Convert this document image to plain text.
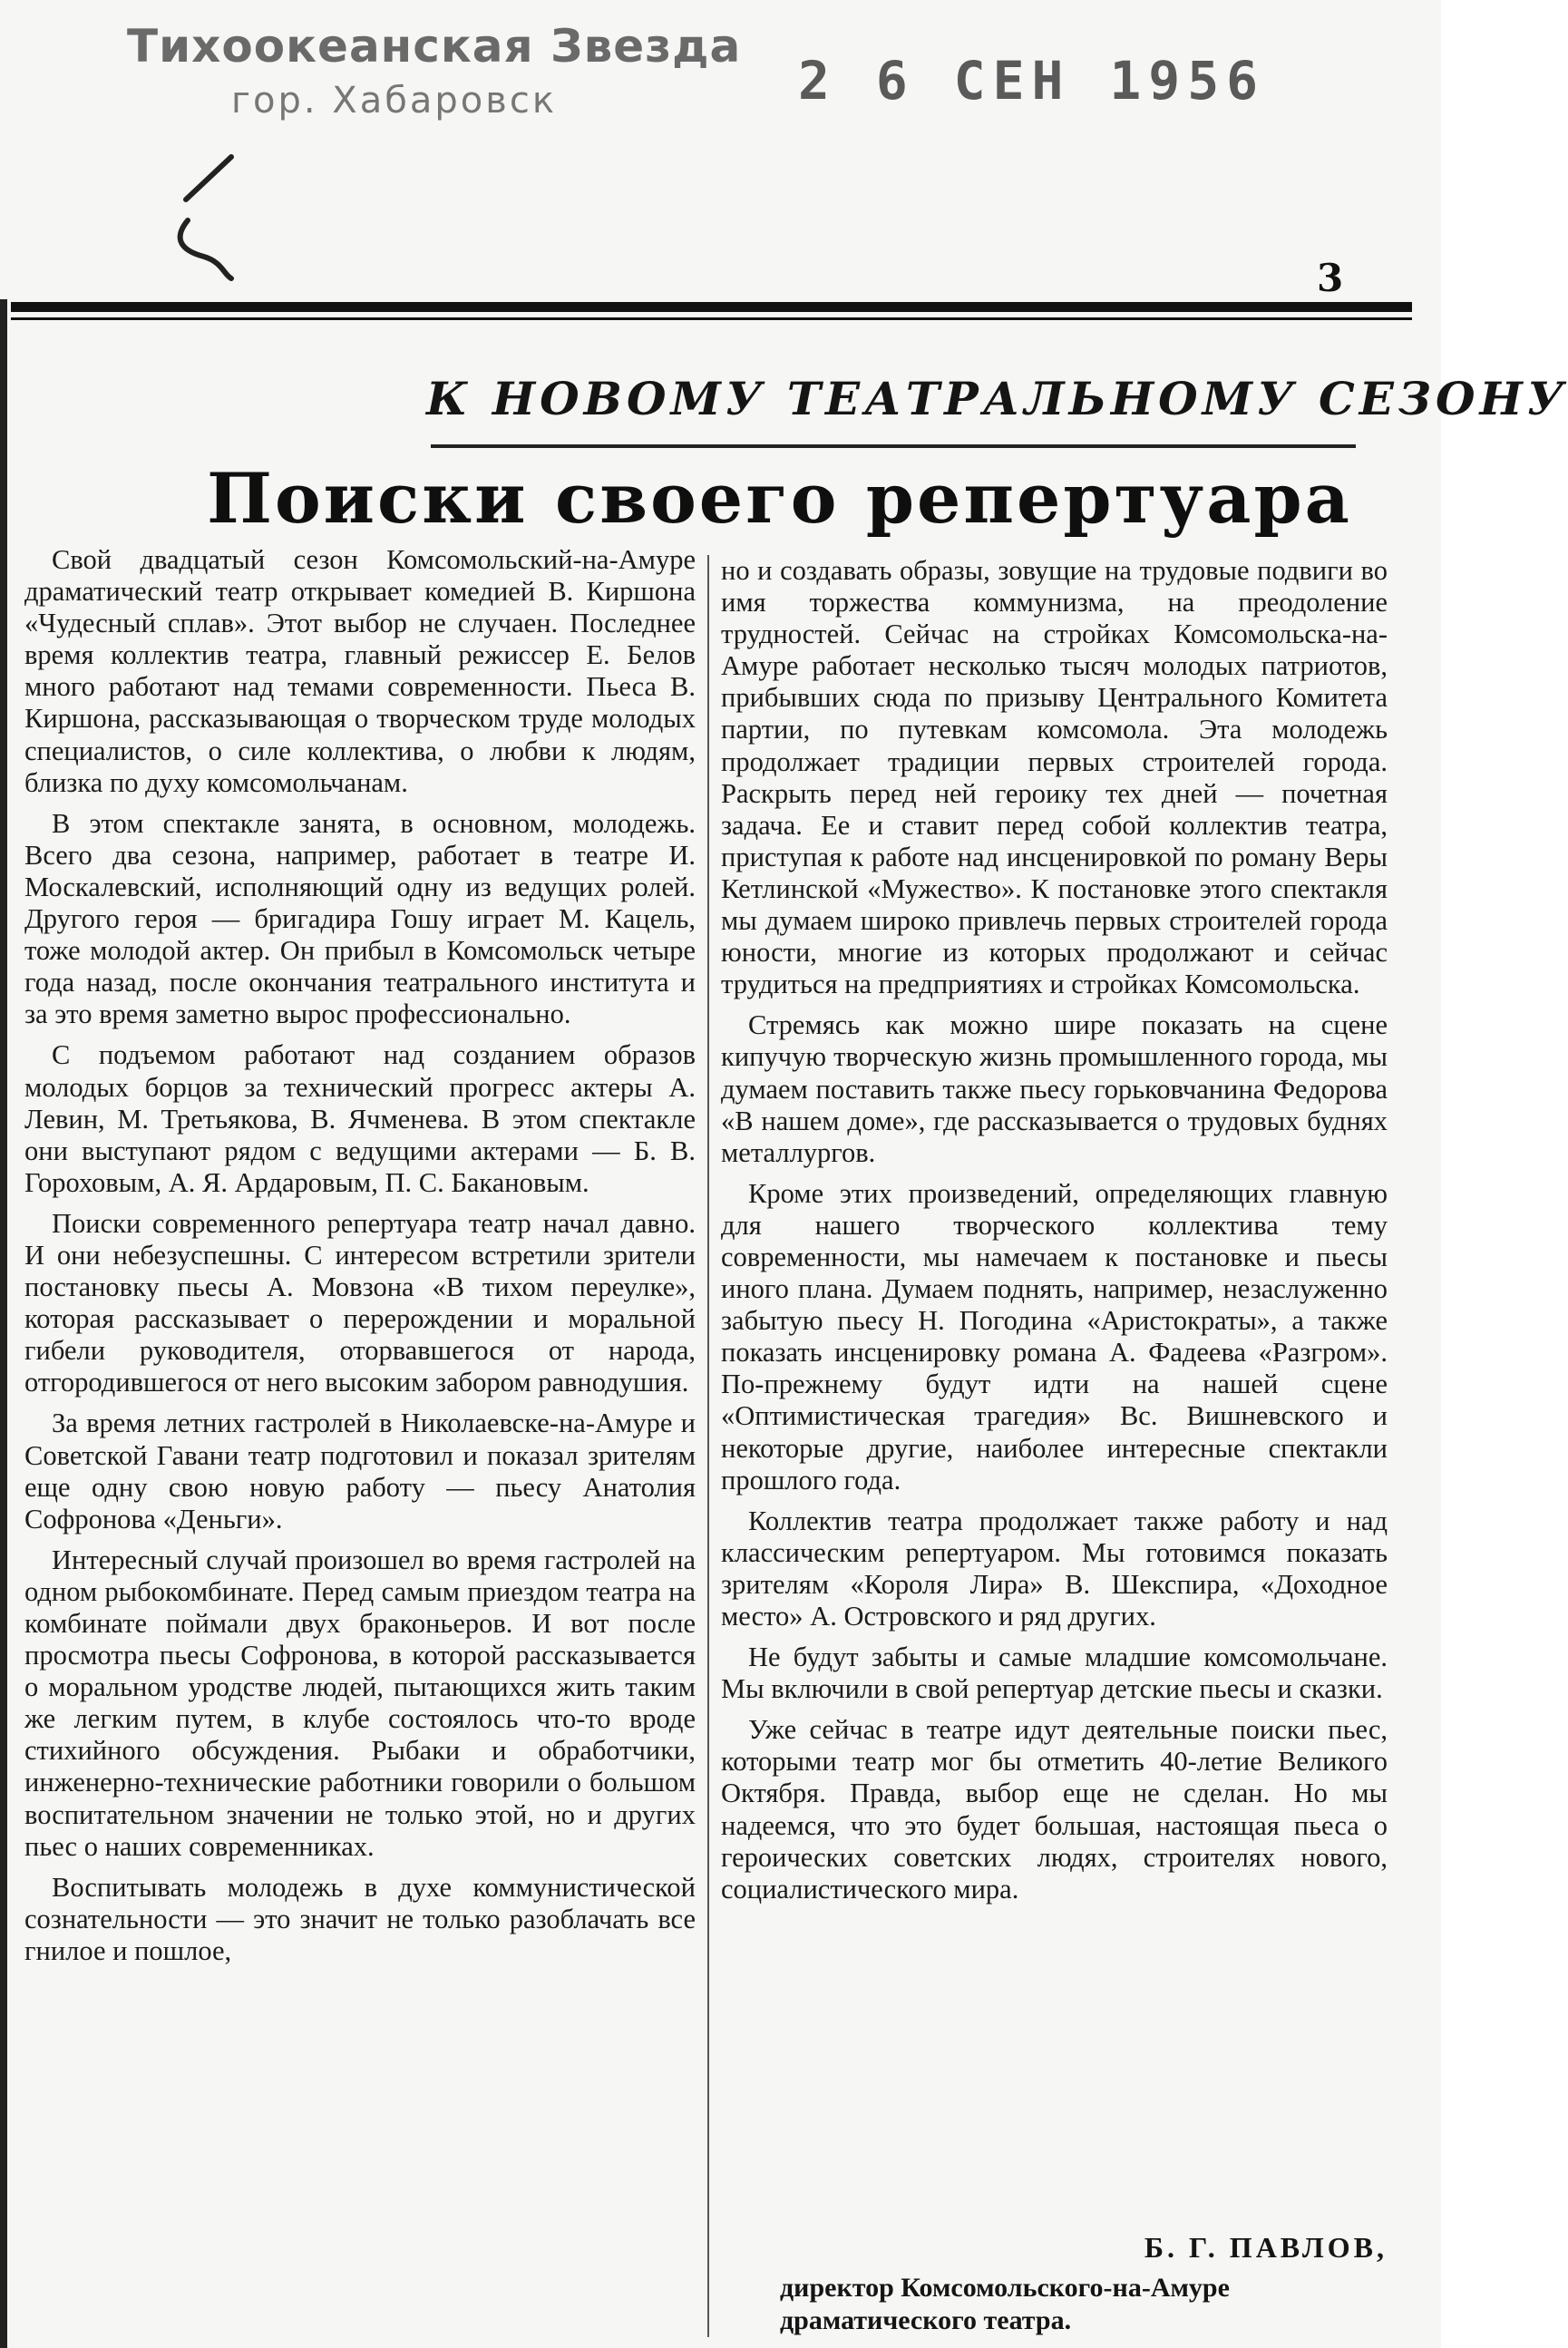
Тихоокеанская Звезда
гор. Хабаровск	2 6 СЕН 1956
3
К НОВОМУ ТЕАТРАЛЬНОМУ СЕЗОНУ
Поиски своего репертуара

Свой двадцатый сезон Комсомольский-на-Амуре драматический театр открывает комедией В. Киршона «Чудесный сплав». Этот выбор не случаен. Последнее время коллектив театра, главный режиссер Е. Белов много работают над темами современности. Пьеса В. Киршона, рассказывающая о творческом труде молодых специалистов, о силе коллектива, о любви к людям, близка по духу комсомольчанам.

В этом спектакле занята, в основном, молодежь. Всего два сезона, например, работает в театре И. Москалевский, исполняющий одну из ведущих ролей. Другого героя — бригадира Гошу играет М. Кацель, тоже молодой актер. Он прибыл в Комсомольск четыре года назад, после окончания театрального института и за это время заметно вырос профессионально.

С подъемом работают над созданием образов молодых борцов за технический прогресс актеры А. Левин, М. Третьякова, В. Ячменева. В этом спектакле они выступают рядом с ведущими актерами — Б. В. Гороховым, А. Я. Ардаровым, П. С. Бакановым.

Поиски современного репертуара театр начал давно. И они небезуспешны. С интересом встретили зрители постановку пьесы А. Мовзона «В тихом переулке», которая рассказывает о перерождении и моральной гибели руководителя, оторвавшегося от народа, отгородившегося от него высоким забором равнодушия.

За время летних гастролей в Николаевске-на-Амуре и Советской Гавани театр подготовил и показал зрителям еще одну свою новую работу — пьесу Анатолия Софронова «Деньги».

Интересный случай произошел во время гастролей на одном рыбокомбинате. Перед самым приездом театра на комбинате поймали двух браконьеров. И вот после просмотра пьесы Софронова, в которой рассказывается о моральном уродстве людей, пытающихся жить таким же легким путем, в клубе состоялось что-то вроде стихийного обсуждения. Рыбаки и обработчики, инженерно-технические работники говорили о большом воспитательном значении не только этой, но и других пьес о наших современниках.

Воспитывать молодежь в духе коммунистической сознательности — это значит не только разоблачать все гнилое и пошлое,

но и создавать образы, зовущие на трудовые подвиги во имя торжества коммунизма, на преодоление трудностей. Сейчас на стройках Комсомольска-на-Амуре работает несколько тысяч молодых патриотов, прибывших сюда по призыву Центрального Комитета партии, по путевкам комсомола. Эта молодежь продолжает традиции первых строителей города. Раскрыть перед ней героику тех дней — почетная задача. Ее и ставит перед собой коллектив театра, приступая к работе над инсценировкой по роману Веры Кетлинской «Мужество». К постановке этого спектакля мы думаем широко привлечь первых строителей города юности, многие из которых продолжают и сейчас трудиться на предприятиях и стройках Комсомольска.

Стремясь как можно шире показать на сцене кипучую творческую жизнь промышленного города, мы думаем поставить также пьесу горьковчанина Федорова «В нашем доме», где рассказывается о трудовых буднях металлургов.

Кроме этих произведений, определяющих главную для нашего творческого коллектива тему современности, мы намечаем к постановке и пьесы иного плана. Думаем поднять, например, незаслуженно забытую пьесу Н. Погодина «Аристократы», а также показать инсценировку романа А. Фадеева «Разгром». По-прежнему будут идти на нашей сцене «Оптимистическая трагедия» Вс. Вишневского и некоторые другие, наиболее интересные спектакли прошлого года.

Коллектив театра продолжает также работу и над классическим репертуаром. Мы готовимся показать зрителям «Короля Лира» В. Шекспира, «Доходное место» А. Островского и ряд других.

Не будут забыты и самые младшие комсомольчане. Мы включили в свой репертуар детские пьесы и сказки.

Уже сейчас в театре идут деятельные поиски пьес, которыми театр мог бы отметить 40-летие Великого Октября. Правда, выбор еще не сделан. Но мы надеемся, что это будет большая, настоящая пьеса о героических советских людях, строителях нового, социалистического мира.

Б. Г. ПАВЛОВ,
директор Комсомольского-на-Амуре драматического театра.
